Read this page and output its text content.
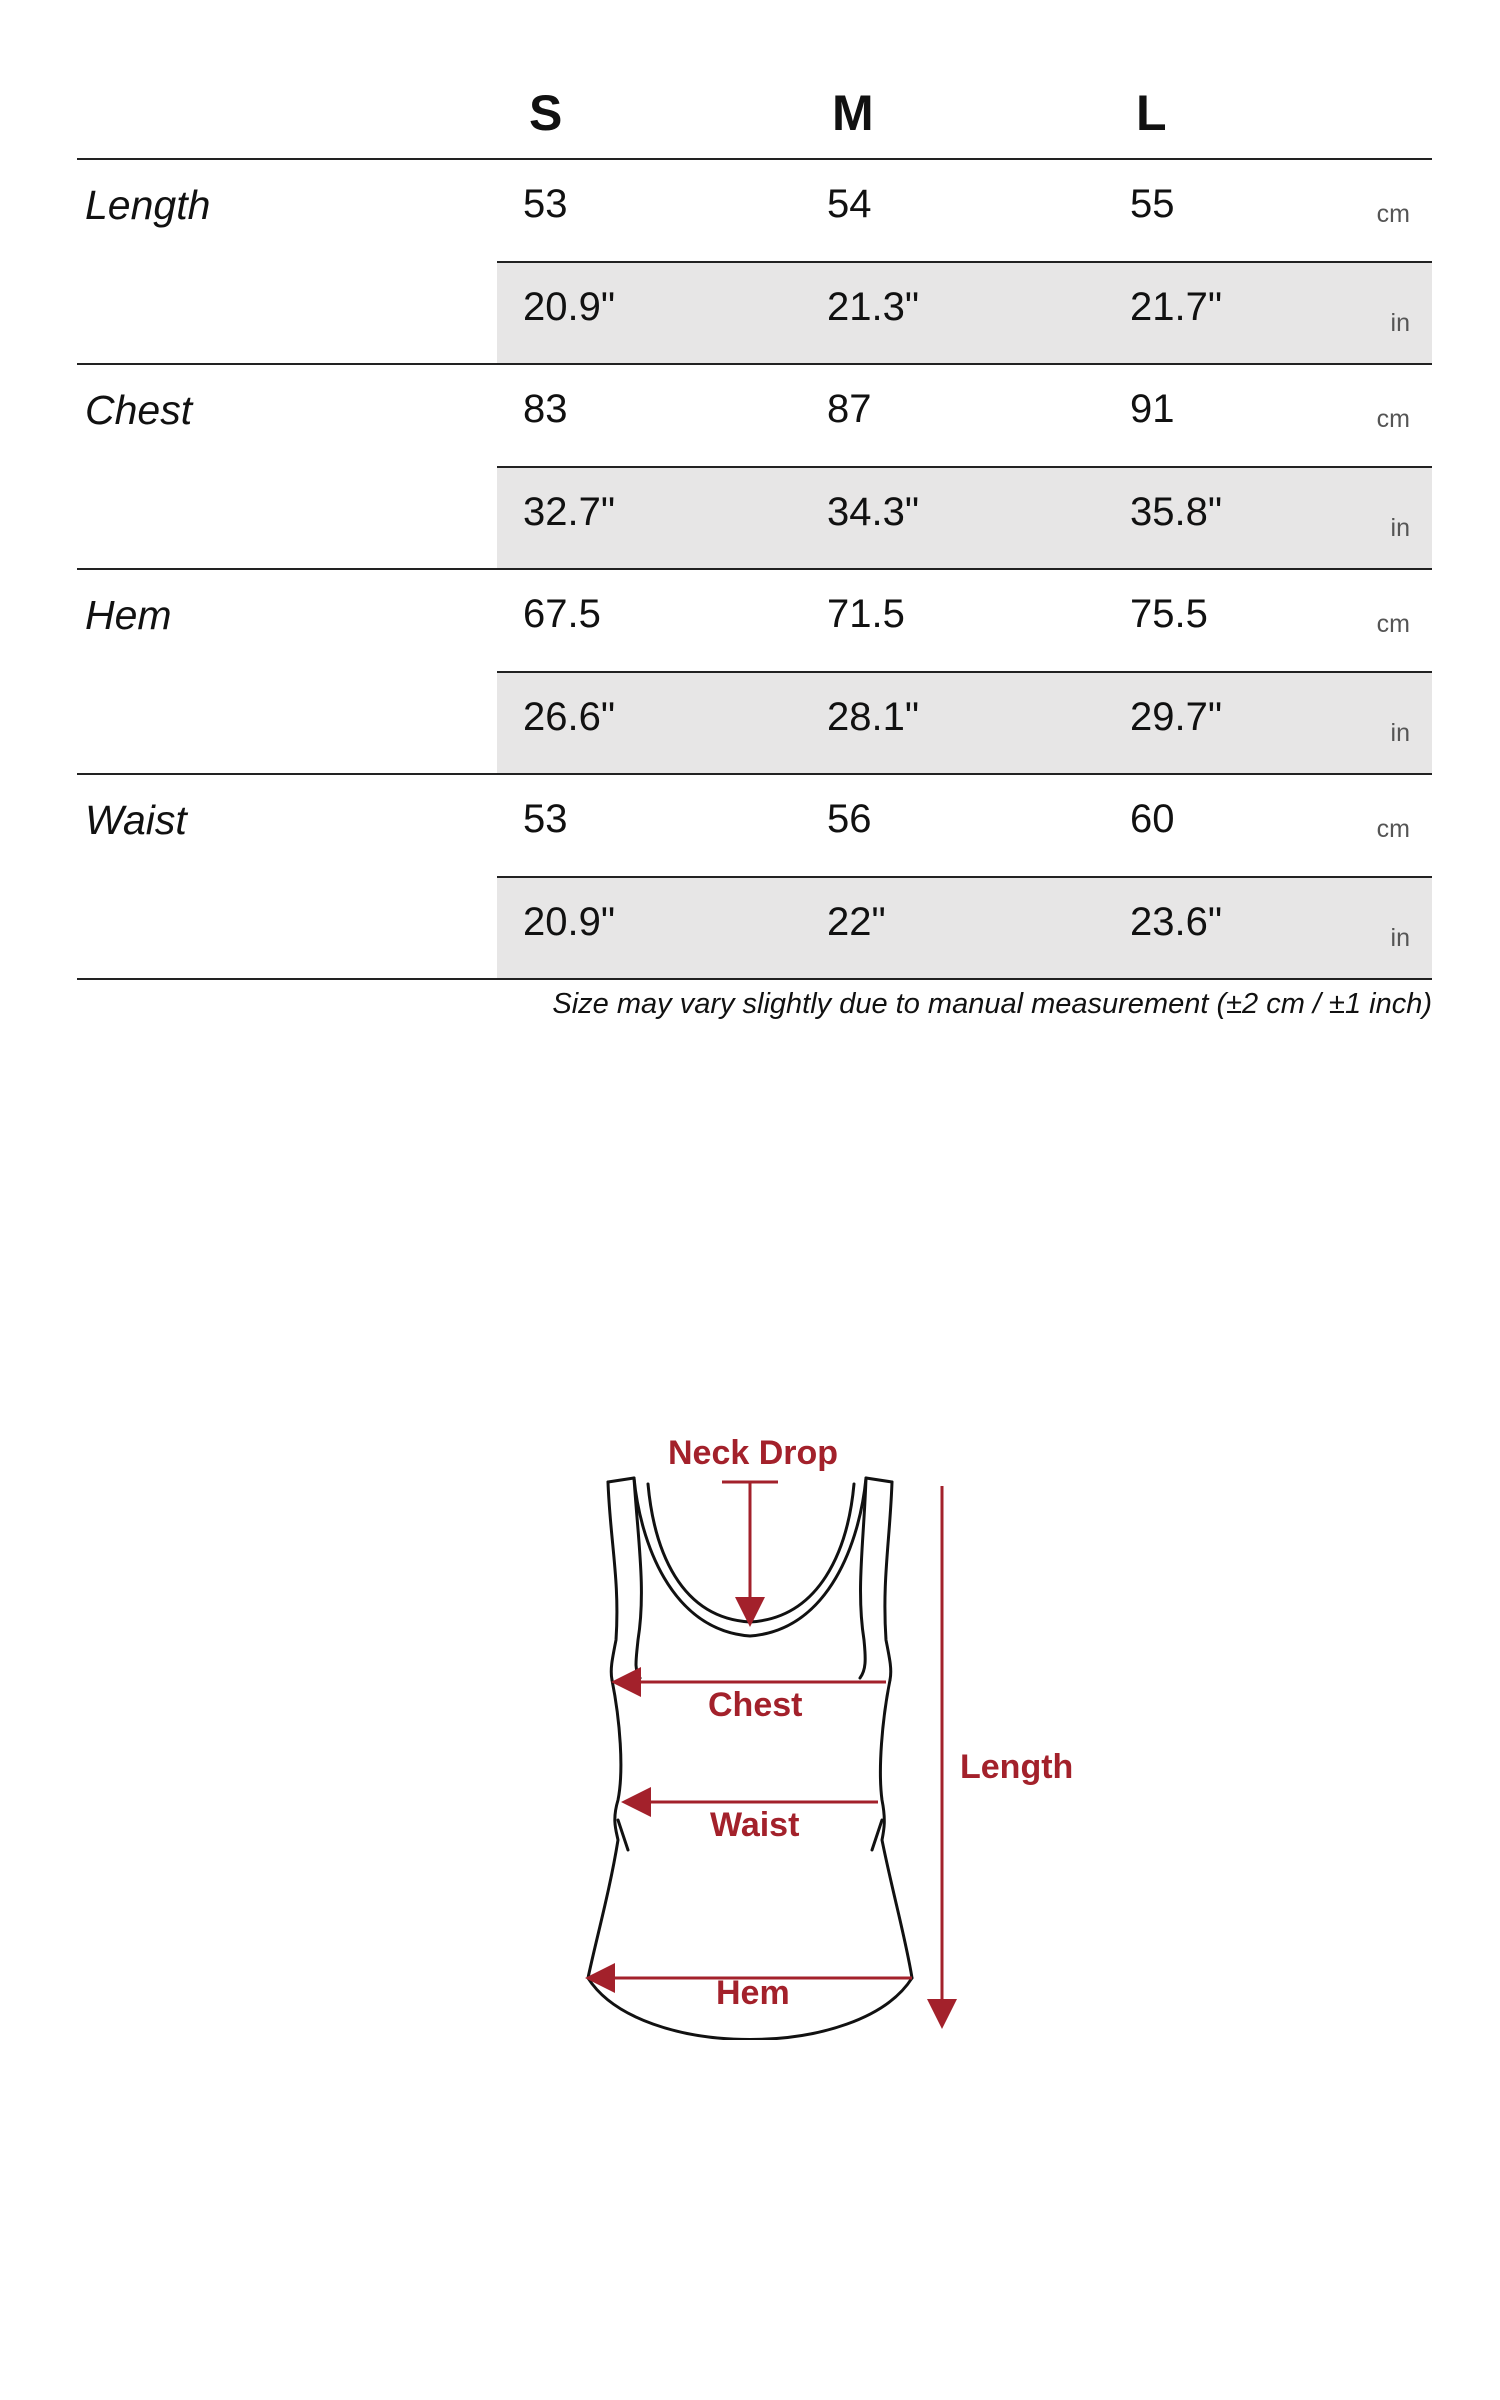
S	M	L
Length	53	54	55	cm
20.9"	21.3"	21.7"	in
Chest	83	87	91	cm
32.7"	34.3"	35.8"	in
Hem	67.5	71.5	75.5	cm
26.6"	28.1"	29.7"	in
Waist	53	56	60	cm
20.9"	22"	23.6"	in
Size may vary slightly due to manual measurement (±2 cm / ±1 inch)
Neck Drop
Chest
Waist
Hem
Length
